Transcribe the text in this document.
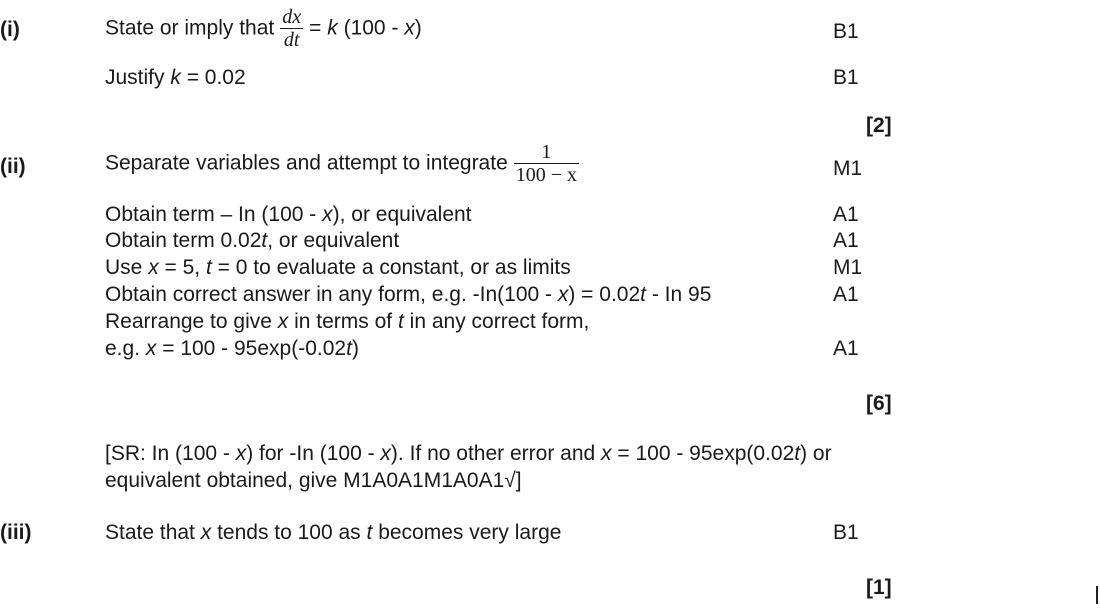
(i)	State or imply that $\frac{dx}{dt} = k$ (100 - x)	B1
Justify k = 0.02	B1
[2]
(ii)	Separate variables and attempt to integrate $\frac{1}{100 - x}$	M1
Obtain term – In (100 - x), or equivalent	A1
Obtain term 0.02t, or equivalent	A1
Use x = 5, t = 0 to evaluate a constant, or as limits	M1
Obtain correct answer in any form, e.g. -In(100 - x) = 0.02t - In 95	A1
Rearrange to give x in terms of t in any correct form,
e.g. x = 100 - 95exp(-0.02t)	A1
[6]
[SR: In (100 - x) for -In (100 - x). If no other error and x = 100 - 95exp(0.02t) or
equivalent obtained, give M1A0A1M1A0A1√]
(iii)	State that x tends to 100 as t becomes very large	B1
[1]
